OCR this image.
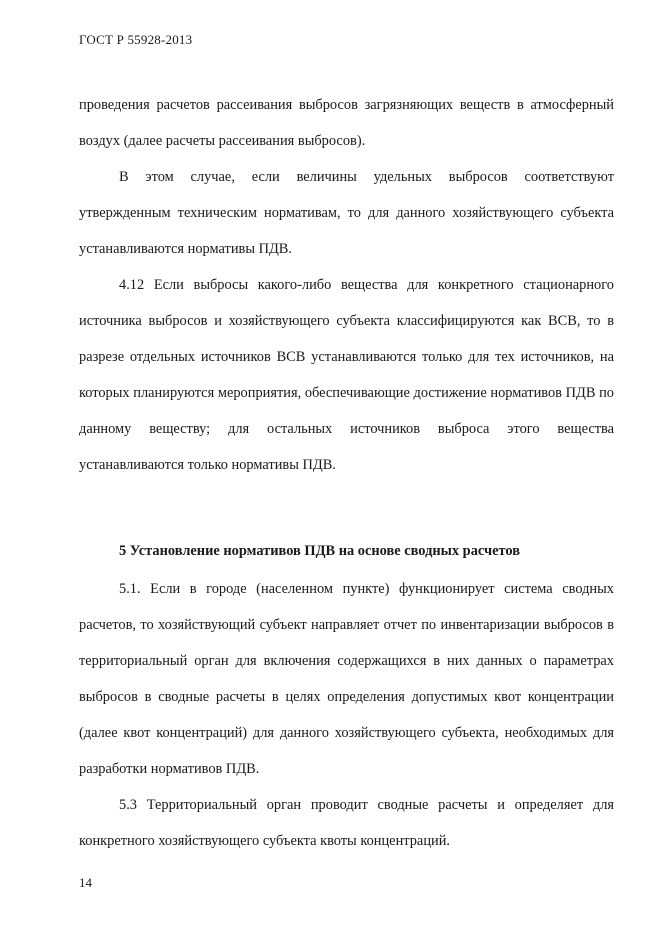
ГОСТ Р 55928-2013

проведения расчетов рассеивания выбросов загрязняющих веществ в атмосферный воздух (далее расчеты рассеивания выбросов).

В этом случае, если величины удельных выбросов соответствуют утвержденным техническим нормативам, то для данного хозяйствующего субъекта устанавливаются нормативы ПДВ.

4.12 Если выбросы какого-либо вещества для конкретного стационарного источника выбросов и хозяйствующего субъекта классифицируются как ВСВ, то в разрезе отдельных источников ВСВ устанавливаются только для тех источников, на которых планируются мероприятия, обеспечивающие достижение нормативов ПДВ по данному веществу; для остальных источников выброса этого вещества устанавливаются только нормативы ПДВ.

5 Установление нормативов ПДВ на основе сводных расчетов

5.1. Если в городе (населенном пункте) функционирует система сводных расчетов, то хозяйствующий субъект направляет отчет по инвентаризации выбросов в территориальный орган для включения содержащихся в них данных о параметрах выбросов в сводные расчеты в целях определения допустимых квот концентрации (далее квот концентраций) для данного хозяйствующего субъекта, необходимых для разработки нормативов ПДВ.

5.3 Территориальный орган проводит сводные расчеты и определяет для конкретного хозяйствующего субъекта квоты концентраций.

14
